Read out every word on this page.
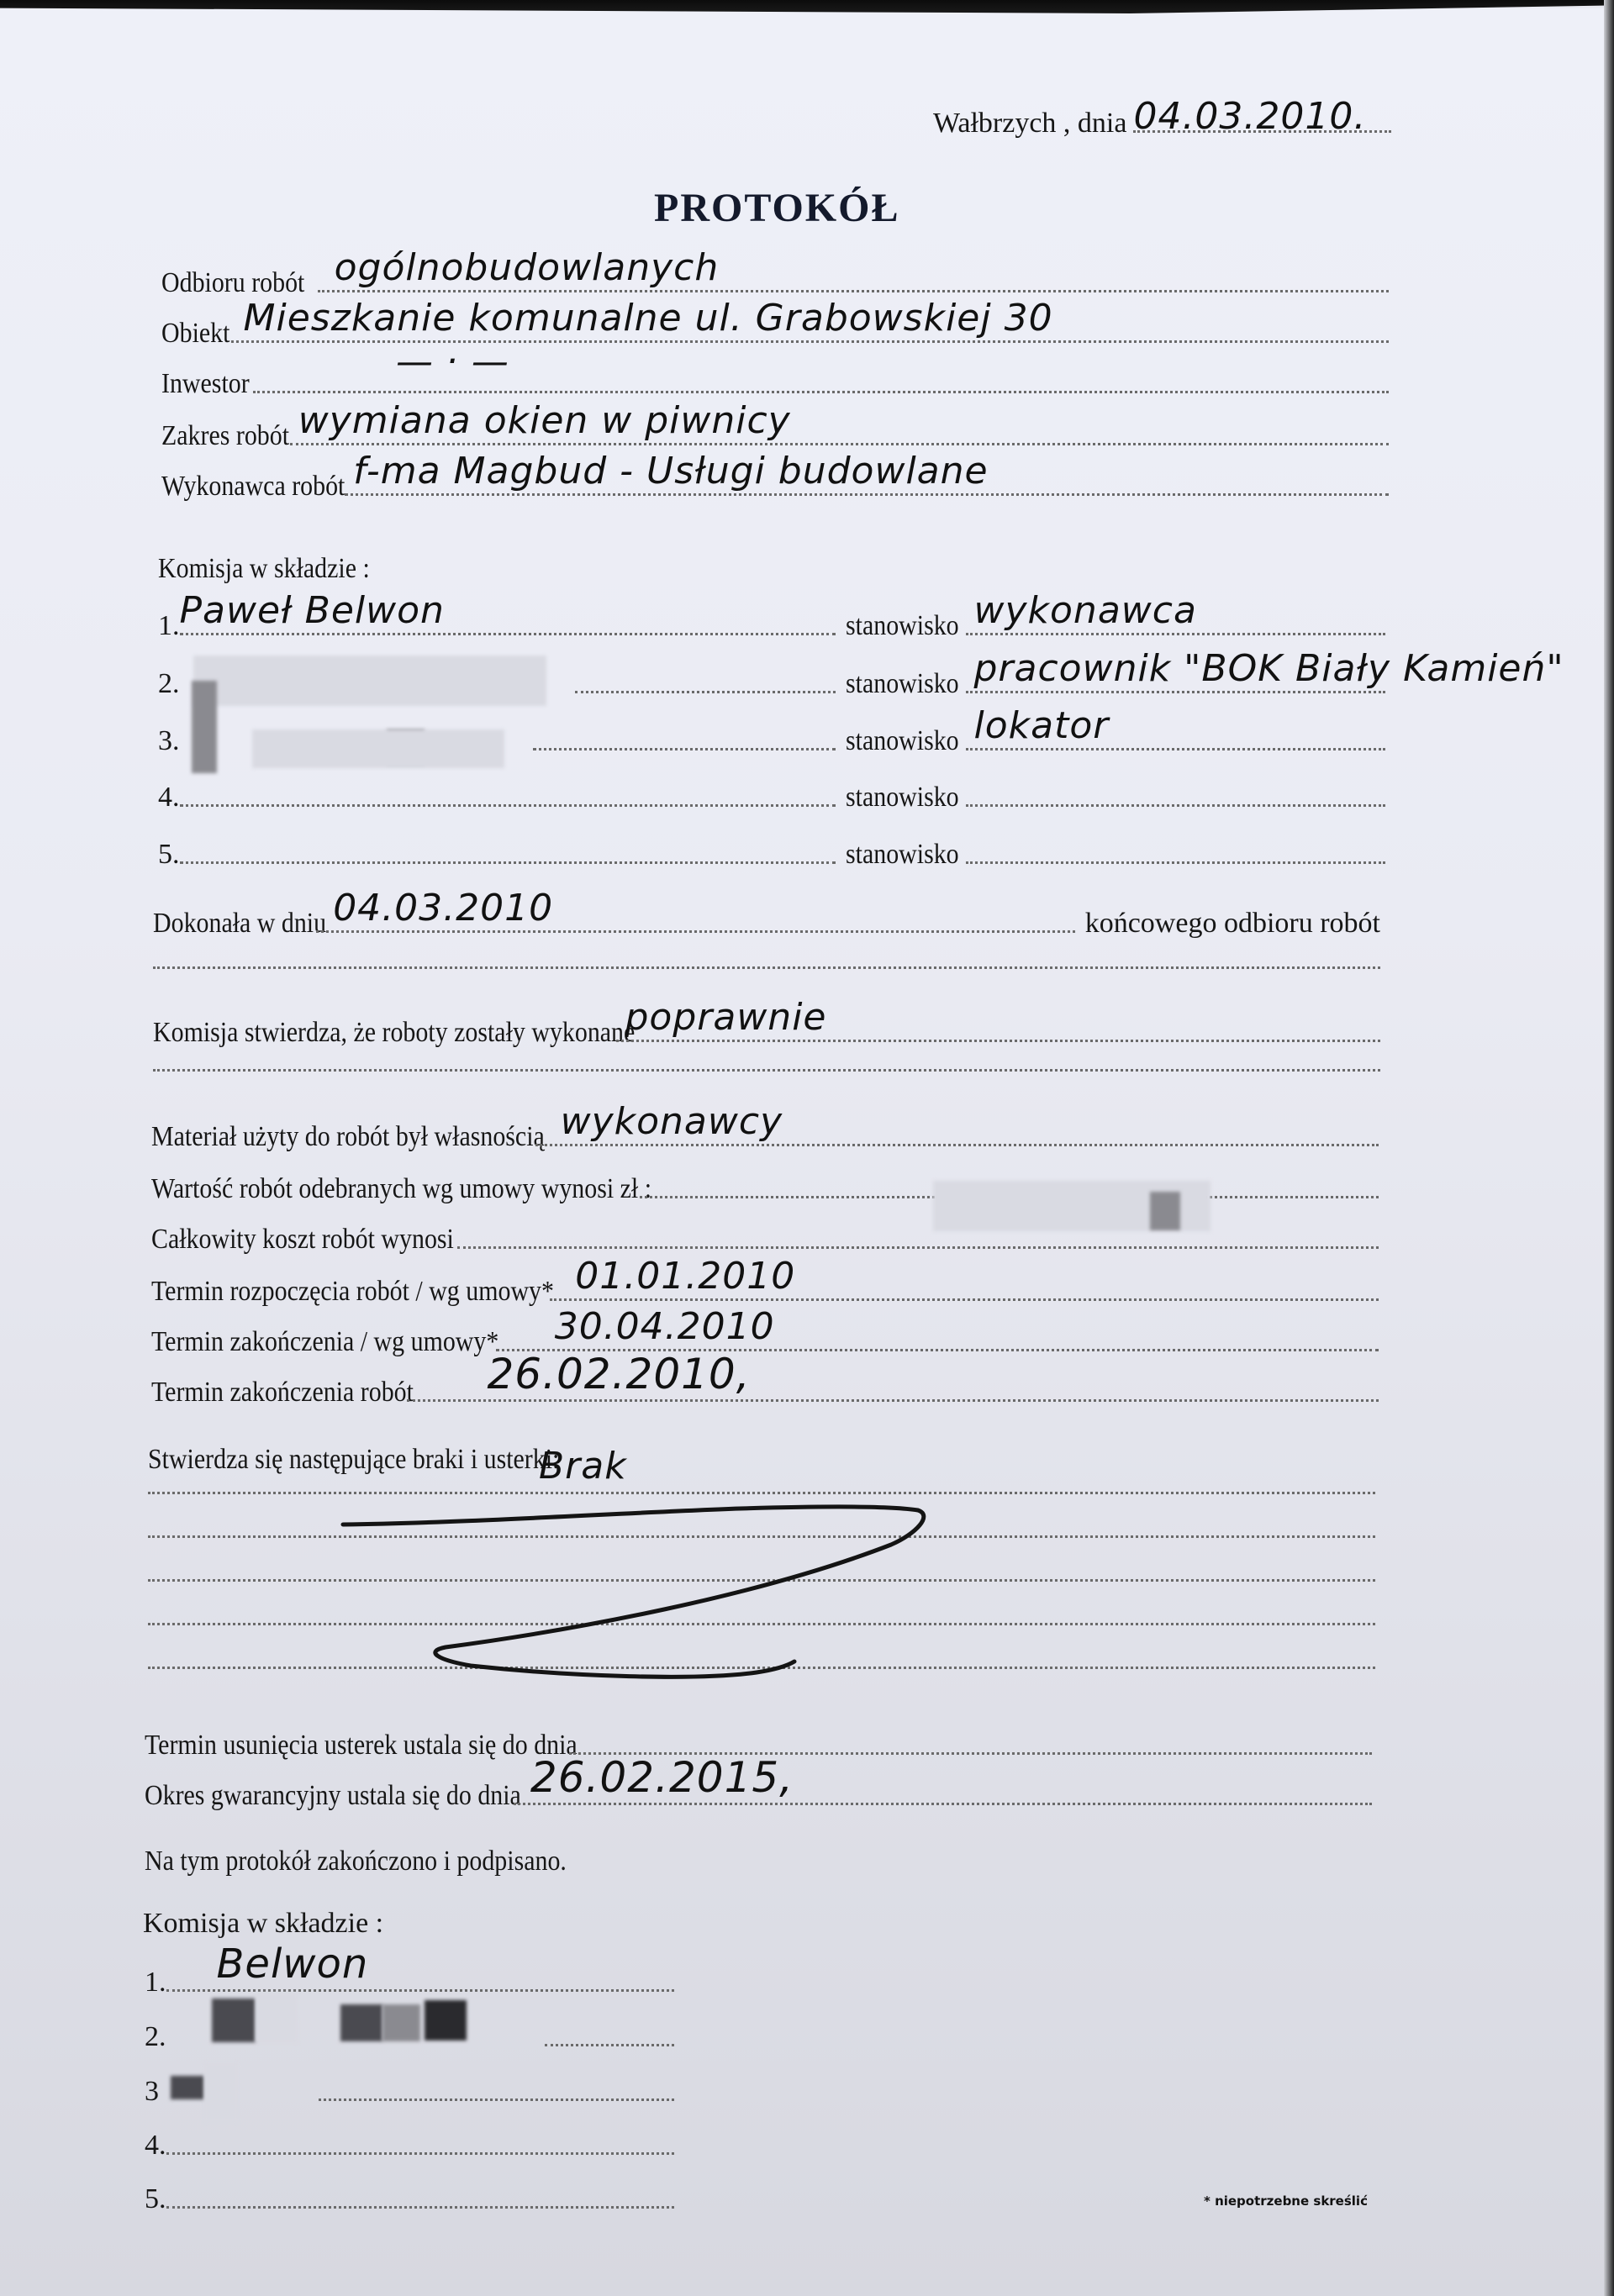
Wałbrzych , dnia 04.03.2010.
PROTOKÓŁ
Odbioru robót ogólnobudowlanych
Obiekt Mieszkanie komunalne ul. Grabowskiej 30
Inwestor
— ‧ —
Zakres robót wymiana okien w piwnicy
Wykonawca robót f-ma Magbud - Usługi budowlane
Komisja w składzie :
1. Paweł Belwon	stanowisko wykonawca
2.	stanowisko pracownik "BOK Biały Kamień"
3.	stanowisko lokator
4.	stanowisko
5.	stanowisko
Dokonała w dniu 04.03.2010	końcowego odbioru robót
Komisja stwierdza, że roboty zostały wykonane
poprawnie
Materiał użyty do robót był własnością wykonawcy
Wartość robót odebranych wg umowy wynosi zł :
Całkowity koszt robót wynosi
Termin rozpoczęcia robót / wg umowy* 01.01.2010
Termin zakończenia / wg umowy* 30.04.2010
Termin zakończenia robót 26.02.2010,
Stwierdza się następujące braki i usterki:
Brak
Termin usunięcia usterek ustala się do dnia
Okres gwarancyjny ustala się do dnia 26.02.2015,
Na tym protokół zakończono i podpisano.
Komisja w składzie :
1. Belwon
2.
3
4.
5.	* niepotrzebne skreślić
